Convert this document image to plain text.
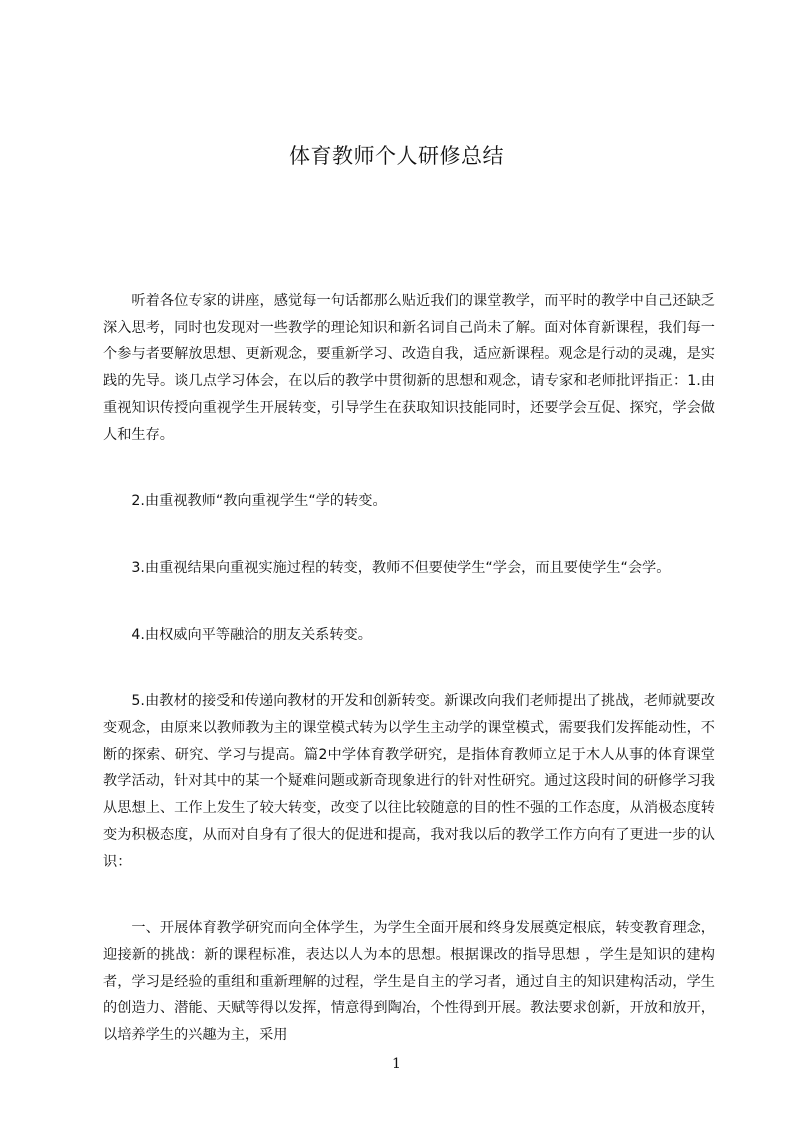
体育教师个人研修总结

听着各位专家的讲座，感觉每一句话都那么贴近我们的课堂教学，而平时的教学中自己还缺乏深入思考，同时也发现对一些教学的理论知识和新名词自己尚未了解。面对体育新课程，我们每一个参与者要解放思想、更新观念，要重新学习、改造自我，适应新课程。观念是行动的灵魂，是实践的先导。谈几点学习体会，在以后的教学中贯彻新的思想和观念，请专家和老师批评指正：1.由重视知识传授向重视学生开展转变，引导学生在获取知识技能同时，还要学会互促、探究，学会做人和生存。

2.由重视教师“教向重视学生“学的转变。

3.由重视结果向重视实施过程的转变，教师不但要使学生“学会，而且要使学生“会学。

4.由权威向平等融洽的朋友关系转变。

5.由教材的接受和传递向教材的开发和创新转变。新课改向我们老师提出了挑战，老师就要改变观念，由原来以教师教为主的课堂模式转为以学生主动学的课堂模式，需要我们发挥能动性，不断的探索、研究、学习与提高。篇2中学体育教学研究，是指体育教师立足于木人从事的体育课堂教学活动，针对其中的某一个疑难问题或新奇现象进行的针对性研究。通过这段时间的研修学习我从思想上、工作上发生了较大转变，改变了以往比较随意的目的性不强的工作态度，从消极态度转变为积极态度，从而对自身有了很大的促进和提高，我对我以后的教学工作方向有了更进一步的认识：

一、开展体育教学研究而向全体学生，为学生全面开展和终身发展奠定根底，转变教育理念，迎接新的挑战：新的课程标准，表达以人为本的思想。根据课改的指导思想 ，学生是知识的建构者，学习是经验的重组和重新理解的过程，学生是自主的学习者，通过自主的知识建构活动，学生的创造力、潜能、天赋等得以发挥，情意得到陶冶，个性得到开展。教法要求创新，开放和放开，以培养学生的兴趣为主，采用

1
